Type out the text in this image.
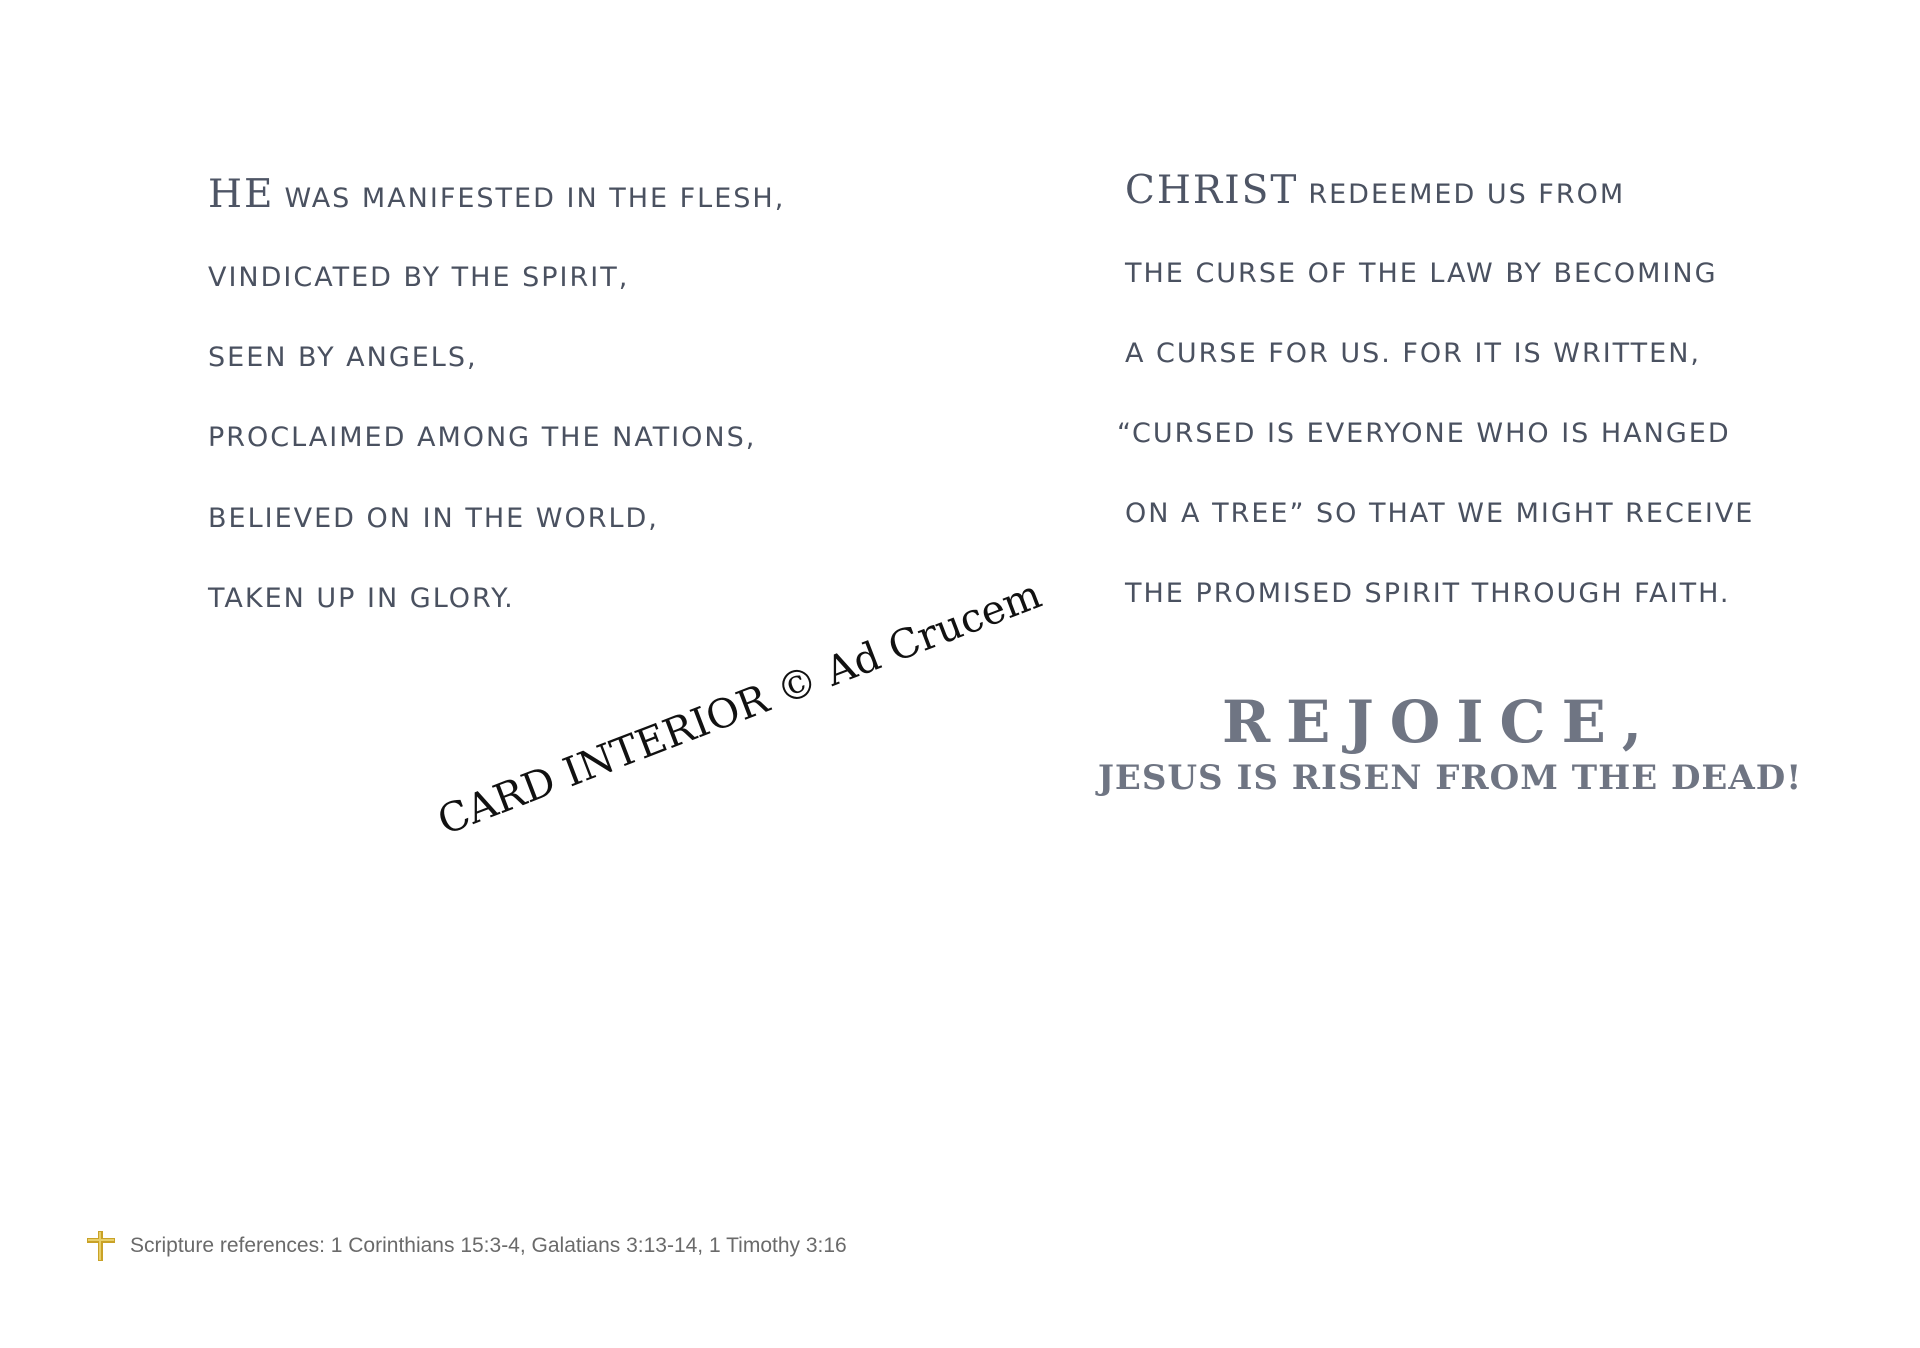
HE WAS MANIFESTED IN THE FLESH,
VINDICATED BY THE SPIRIT,
SEEN BY ANGELS,
PROCLAIMED AMONG THE NATIONS,
BELIEVED ON IN THE WORLD,
TAKEN UP IN GLORY.
CHRIST REDEEMED US FROM
THE CURSE OF THE LAW BY BECOMING
A CURSE FOR US. FOR IT IS WRITTEN,
“CURSED IS EVERYONE WHO IS HANGED
ON A TREE” SO THAT WE MIGHT RECEIVE
THE PROMISED SPIRIT THROUGH FAITH.
REJOICE,
JESUS IS RISEN FROM THE DEAD!
CARD INTERIOR © Ad Crucem
Scripture references: 1 Corinthians 15:3-4, Galatians 3:13-14, 1 Timothy 3:16
